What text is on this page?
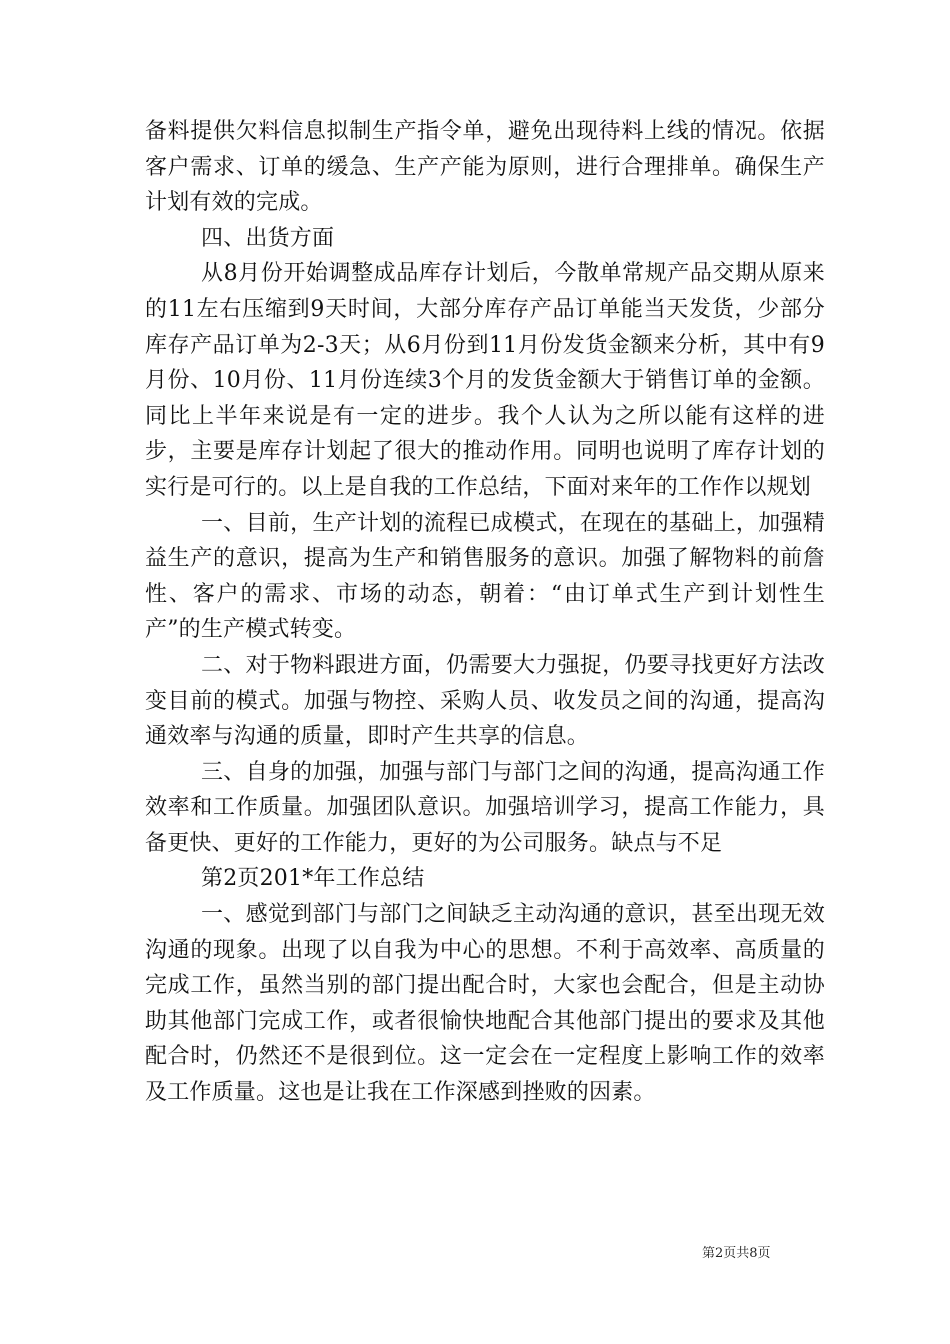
备料提供欠料信息拟制生产指令单，避免出现待料上线的情况。依据客户需求、订单的缓急、生产产能为原则，进行合理排单。确保生产计划有效的完成。

四、出货方面

从8月份开始调整成品库存计划后，今散单常规产品交期从原来的11左右压缩到9天时间，大部分库存产品订单能当天发货，少部分库存产品订单为2-3天；从6月份到11月份发货金额来分析，其中有9月份、10月份、11月份连续3个月的发货金额大于销售订单的金额。同比上半年来说是有一定的进步。我个人认为之所以能有这样的进步，主要是库存计划起了很大的推动作用。同明也说明了库存计划的实行是可行的。以上是自我的工作总结，下面对来年的工作作以规划

一、目前，生产计划的流程已成模式，在现在的基础上，加强精益生产的意识，提高为生产和销售服务的意识。加强了解物料的前詹性、客户的需求、市场的动态，朝着：“由订单式生产到计划性生产”的生产模式转变。

二、对于物料跟进方面，仍需要大力强捉，仍要寻找更好方法改变目前的模式。加强与物控、采购人员、收发员之间的沟通，提高沟通效率与沟通的质量，即时产生共享的信息。

三、自身的加强，加强与部门与部门之间的沟通，提高沟通工作效率和工作质量。加强团队意识。加强培训学习，提高工作能力，具备更快、更好的工作能力，更好的为公司服务。缺点与不足

第2页201*年工作总结

一、感觉到部门与部门之间缺乏主动沟通的意识，甚至出现无效沟通的现象。出现了以自我为中心的思想。不利于高效率、高质量的完成工作，虽然当别的部门提出配合时，大家也会配合，但是主动协助其他部门完成工作，或者很愉快地配合其他部门提出的要求及其他配合时，仍然还不是很到位。这一定会在一定程度上影响工作的效率及工作质量。这也是让我在工作深感到挫败的因素。

第2页共8页
